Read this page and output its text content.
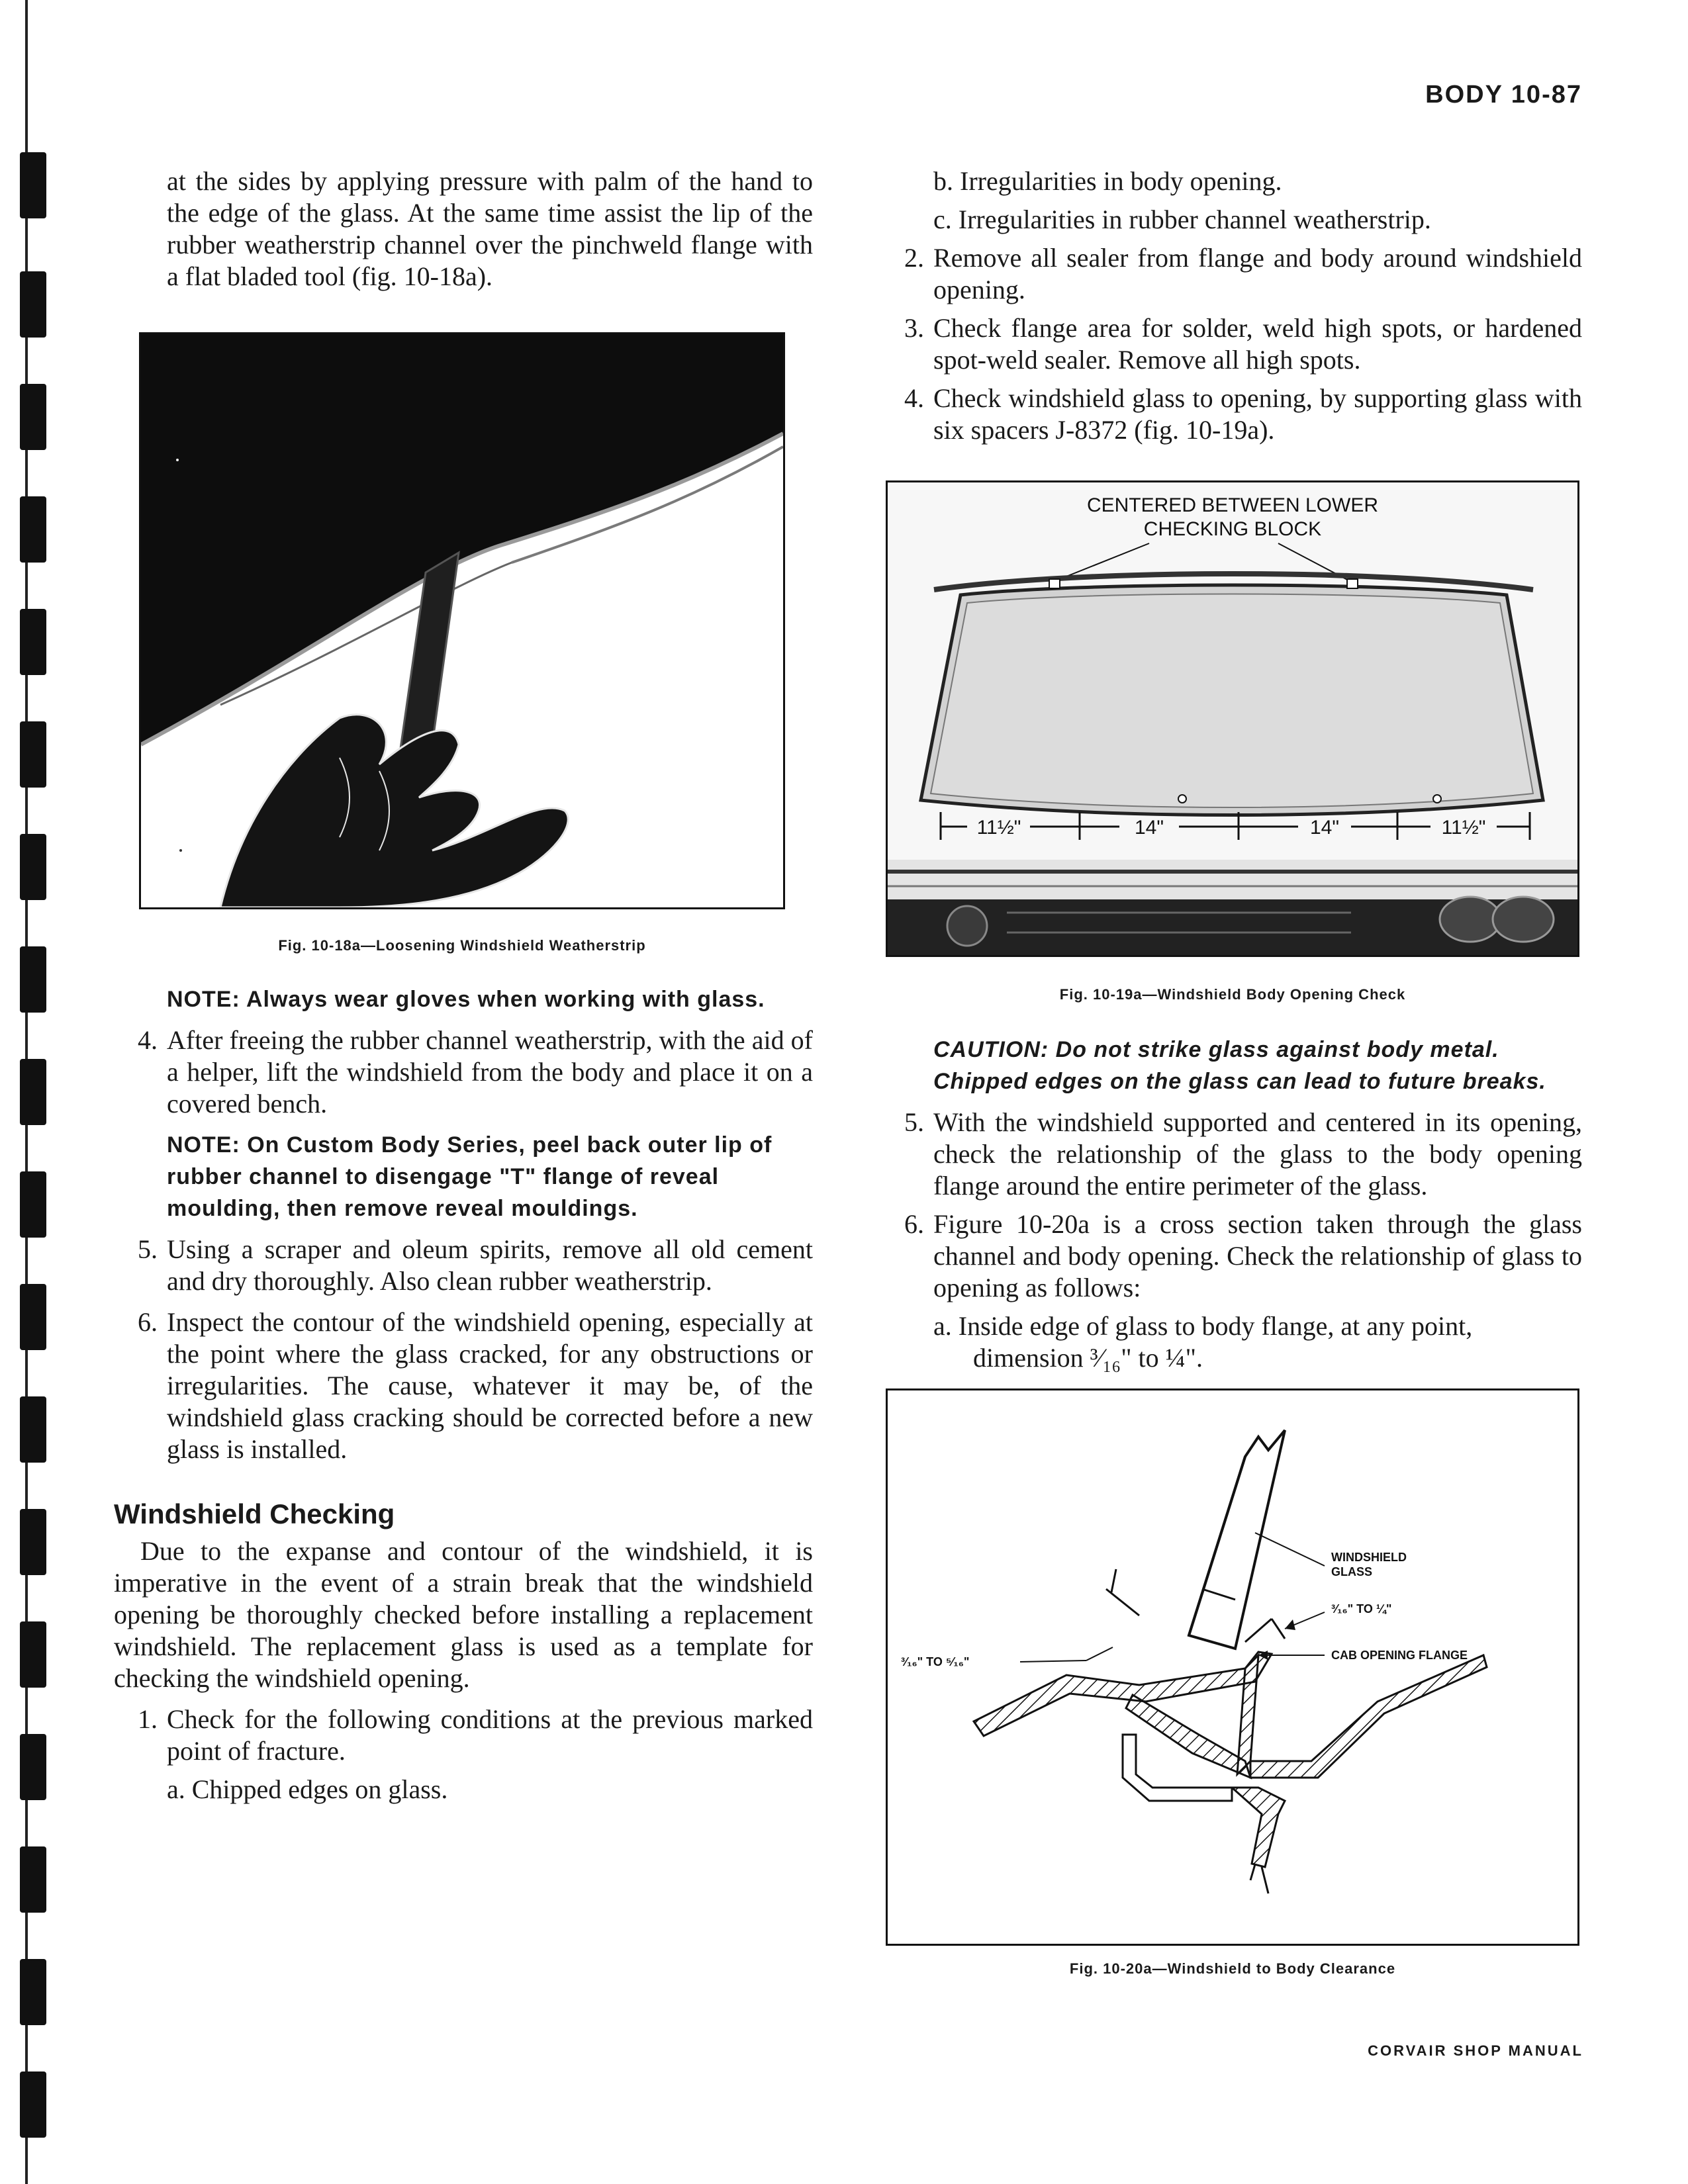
BODY 10-87

at the sides by applying pressure with palm of the hand to the edge of the glass. At the same time assist the lip of the rubber weatherstrip channel over the pinchweld flange with a flat bladed tool (fig. 10-18a).

Fig. 10-18a—Loosening Windshield Weatherstrip

NOTE: Always wear gloves when working with glass.

4. After freeing the rubber channel weatherstrip, with the aid of a helper, lift the windshield from the body and place it on a covered bench.

NOTE: On Custom Body Series, peel back outer lip of rubber channel to disengage "T" flange of reveal moulding, then remove reveal mouldings.

5. Using a scraper and oleum spirits, remove all old cement and dry thoroughly. Also clean rubber weatherstrip.
6. Inspect the contour of the windshield opening, especially at the point where the glass cracked, for any obstructions or irregularities. The cause, whatever it may be, of the windshield glass cracking should be corrected before a new glass is installed.

Windshield Checking

Due to the expanse and contour of the windshield, it is imperative in the event of a strain break that the windshield opening be thoroughly checked before installing a replacement windshield. The replacement glass is used as a template for checking the windshield opening.

1. Check for the following conditions at the previous marked point of fracture.

a. Chipped edges on glass.

b. Irregularities in body opening.

c. Irregularities in rubber channel weatherstrip.

2. Remove all sealer from flange and body around windshield opening.
3. Check flange area for solder, weld high spots, or hardened spot-weld sealer. Remove all high spots.
4. Check windshield glass to opening, by supporting glass with six spacers J-8372 (fig. 10-19a).
CENTERED BETWEEN LOWER
CHECKING BLOCK
11½"	14"	14"	11½"

Fig. 10-19a—Windshield Body Opening Check

CAUTION: Do not strike glass against body metal. Chipped edges on the glass can lead to future breaks.

5. With the windshield supported and centered in its opening, check the relationship of the glass to the body opening flange around the entire perimeter of the glass.
6. Figure 10-20a is a cross section taken through the glass channel and body opening. Check the relationship of glass to opening as follows:

a. Inside edge of glass to body flange, at any point,

dimension ³⁄₁₆" to ¼".

WINDSHIELD
GLASS
³⁄₁₆" TO ¼"
³⁄₁₆" TO ⁵⁄₁₆"	CAB OPENING FLANGE

Fig. 10-20a—Windshield to Body Clearance

CORVAIR SHOP MANUAL
